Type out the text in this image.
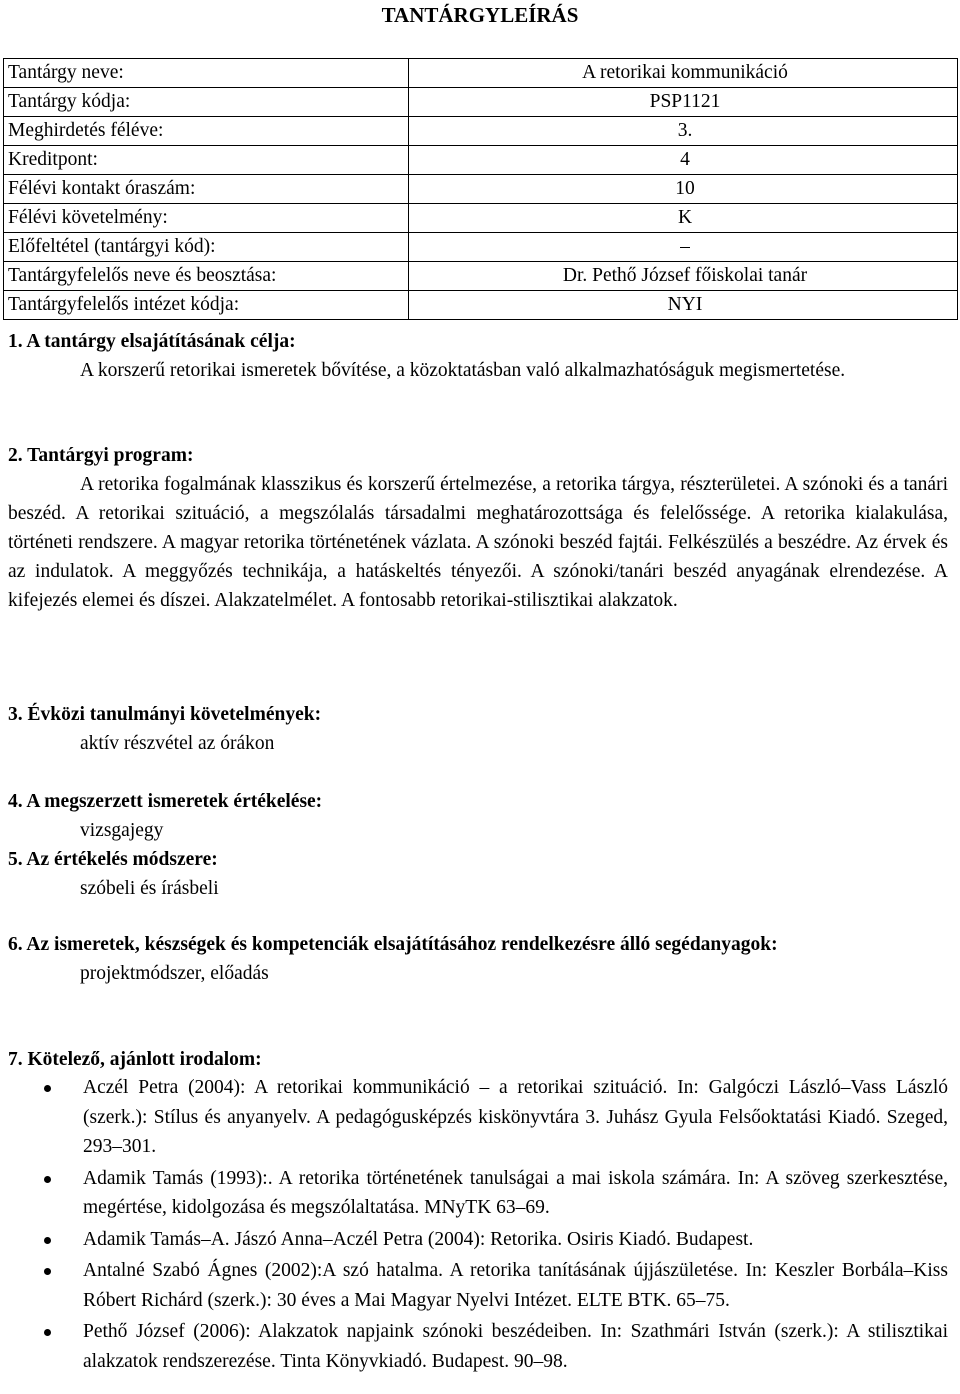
TANTÁRGYLEÍRÁS
Tantárgy neve:	A retorikai kommunikáció
Tantárgy kódja:	PSP1121
Meghirdetés féléve:	3.
Kreditpont:	4
Félévi kontakt óraszám:	10
Félévi követelmény:	K
Előfeltétel (tantárgyi kód):	–
Tantárgyfelelős neve és beosztása:	Dr. Pethő József főiskolai tanár
Tantárgyfelelős intézet kódja:	NYI
1. A tantárgy elsajátításának célja:
A korszerű retorikai ismeretek bővítése, a közoktatásban való alkalmazhatóságuk megismertetése.
2. Tantárgyi program:
A retorika fogalmának klasszikus és korszerű értelmezése, a retorika tárgya, részterületei. A szónoki és a tanári beszéd. A retorikai szituáció, a megszólalás társadalmi meghatározottsága és felelőssége. A retorika kialakulása, történeti rendszere. A magyar retorika történetének vázlata. A szónoki beszéd fajtái. Felkészülés a beszédre. Az érvek és az indulatok. A meggyőzés technikája, a hatáskeltés tényezői. A szónoki/tanári beszéd anyagának elrendezése. A kifejezés elemei és díszei. Alakzatelmélet. A fontosabb retorikai-stilisztikai alakzatok.
3. Évközi tanulmányi követelmények:
aktív részvétel az órákon
4. A megszerzett ismeretek értékelése:
vizsgajegy
5. Az értékelés módszere:
szóbeli és írásbeli
6. Az ismeretek, készségek és kompetenciák elsajátításához rendelkezésre álló segédanyagok:
projektmódszer, előadás
7. Kötelező, ajánlott irodalom:
Aczél Petra (2004): A retorikai kommunikáció – a retorikai szituáció. In: Galgóczi László–Vass László (szerk.): Stílus és anyanyelv. A pedagógusképzés kiskönyvtára 3. Juhász Gyula Felsőoktatási Kiadó. Szeged, 293–301.
Adamik Tamás (1993):. A retorika történetének tanulságai a mai iskola számára. In: A szöveg szerkesztése, megértése, kidolgozása és megszólaltatása. MNyTK 63–69.
Adamik Tamás–A. Jászó Anna–Aczél Petra (2004): Retorika. Osiris Kiadó. Budapest.
Antalné Szabó Ágnes (2002):A szó hatalma. A retorika tanításának újjászületése. In: Keszler Borbála–Kiss Róbert Richárd (szerk.): 30 éves a Mai Magyar Nyelvi Intézet. ELTE BTK. 65–75.
Pethő József (2006): Alakzatok napjaink szónoki beszédeiben. In: Szathmári István (szerk.): A stilisztikai alakzatok rendszerezése. Tinta Könyvkiadó. Budapest. 90–98.
